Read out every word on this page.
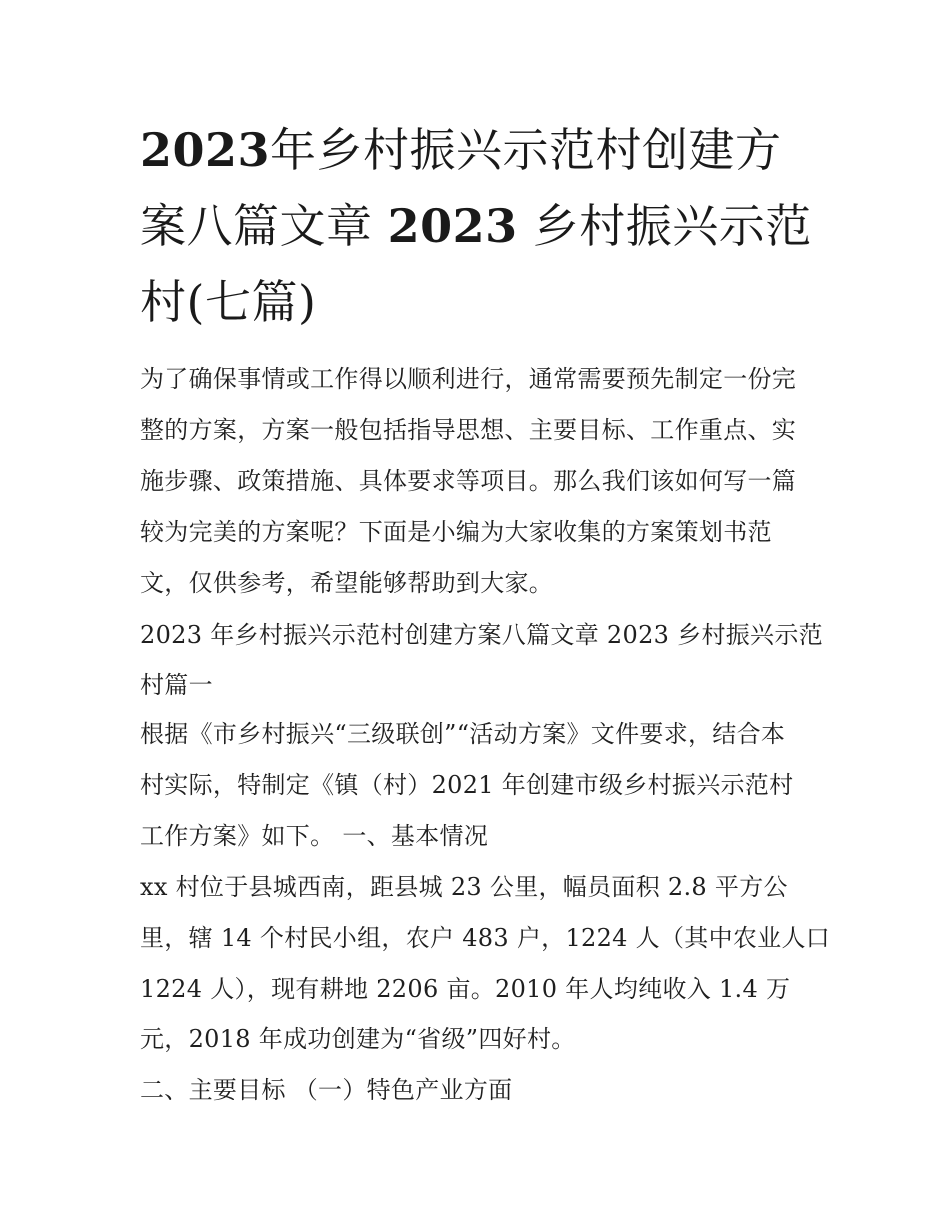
2023年乡村振兴示范村创建方案八篇文章 2023 乡村振兴示范村(七篇)

为了确保事情或工作得以顺利进行，通常需要预先制定一份完

整的方案，方案一般包括指导思想、主要目标、工作重点、实

施步骤、政策措施、具体要求等项目。那么我们该如何写一篇

较为完美的方案呢？下面是小编为大家收集的方案策划书范

文，仅供参考，希望能够帮助到大家。

2023 年乡村振兴示范村创建方案八篇文章 2023 乡村振兴示范

村篇一

根据《市乡村振兴“三级联创”“活动方案》文件要求，结合本

村实际，特制定《镇（村）2021 年创建市级乡村振兴示范村

工作方案》如下。 一、基本情况

xx 村位于县城西南，距县城 23 公里，幅员面积 2.8 平方公

里，辖 14 个村民小组，农户 483 户，1224 人（其中农业人口

1224 人），现有耕地 2206 亩。2010 年人均纯收入 1.4 万

元，2018 年成功创建为“省级”四好村。

二、主要目标 （一）特色产业方面
